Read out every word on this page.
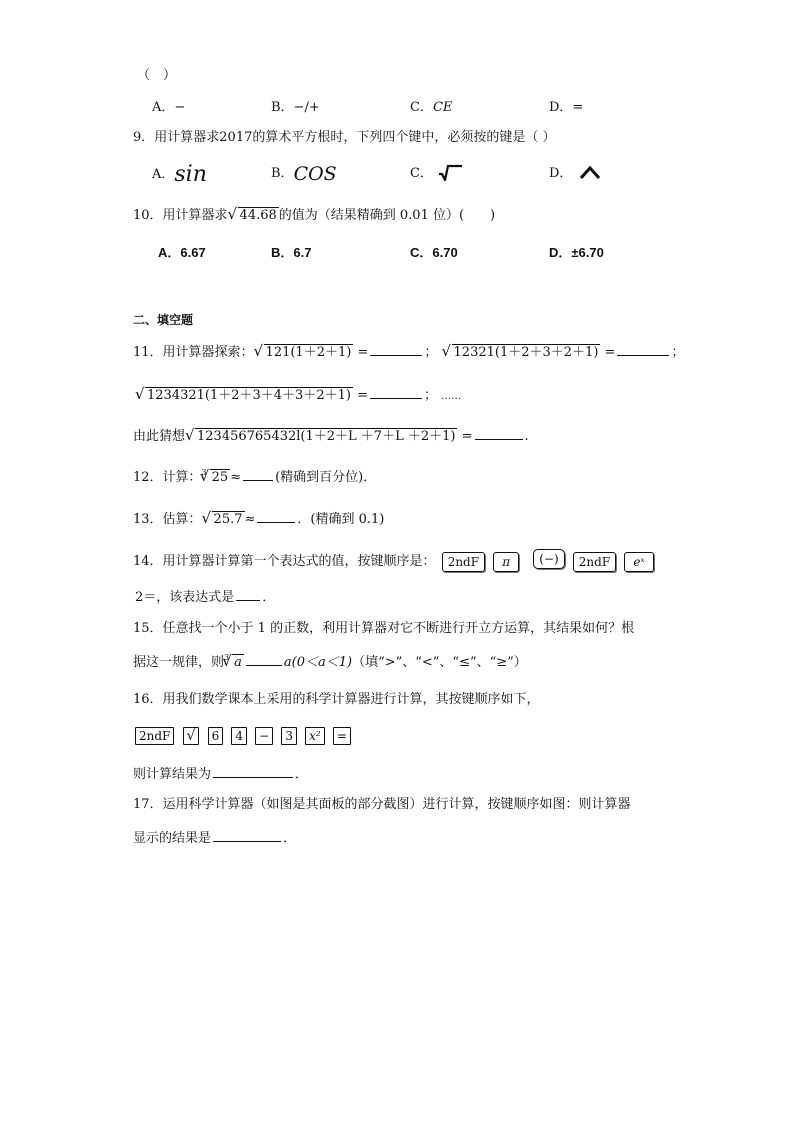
（　）
A．−	B．−/+	C．CE	D．=
9．用计算器求2017的算术平方根时，下列四个键中，必须按的键是（ ）
A．sin	B．COS	C．	D．
10．用计算器求 √ 44.68 的值为（结果精确到 0.01 位）(　　)
A．6.67	B．6.7	C．6.70	D．±6.70
二、填空题
11．用计算器探索： √ 121(1＋2＋1) =	； √ 12321(1＋2＋3＋2＋1) =	；
√ 1234321(1＋2＋3＋4＋3＋2＋1) =	； ……
由此猜想 √ 123456765432l(1＋2＋L ＋7＋L ＋2＋1) =	.
12．计算：$^3$ √ 25 ≈	(精确到百分位)．
13．估算： √ 25.7 ≈	．(精确到 0.1)
14．用计算器计算第一个表达式的值，按键顺序是： 2ndF π (−) 2ndF eˣ
2＝，该表达式是 ．
15．任意找一个小于 1 的正数，利用计算器对它不断进行开立方运算，其结果如何？根
据这一规律，则$^3$ √ a	a(0＜a＜1)（填“>”、“<”、“≤”、“≥”）
16．用我们数学课本上采用的科学计算器进行计算，其按键顺序如下，
2ndF √ 6 4 − 3 x² =
则计算结果为	．
17．运用科学计算器（如图是其面板的部分截图）进行计算，按键顺序如图：则计算器
显示的结果是	．
